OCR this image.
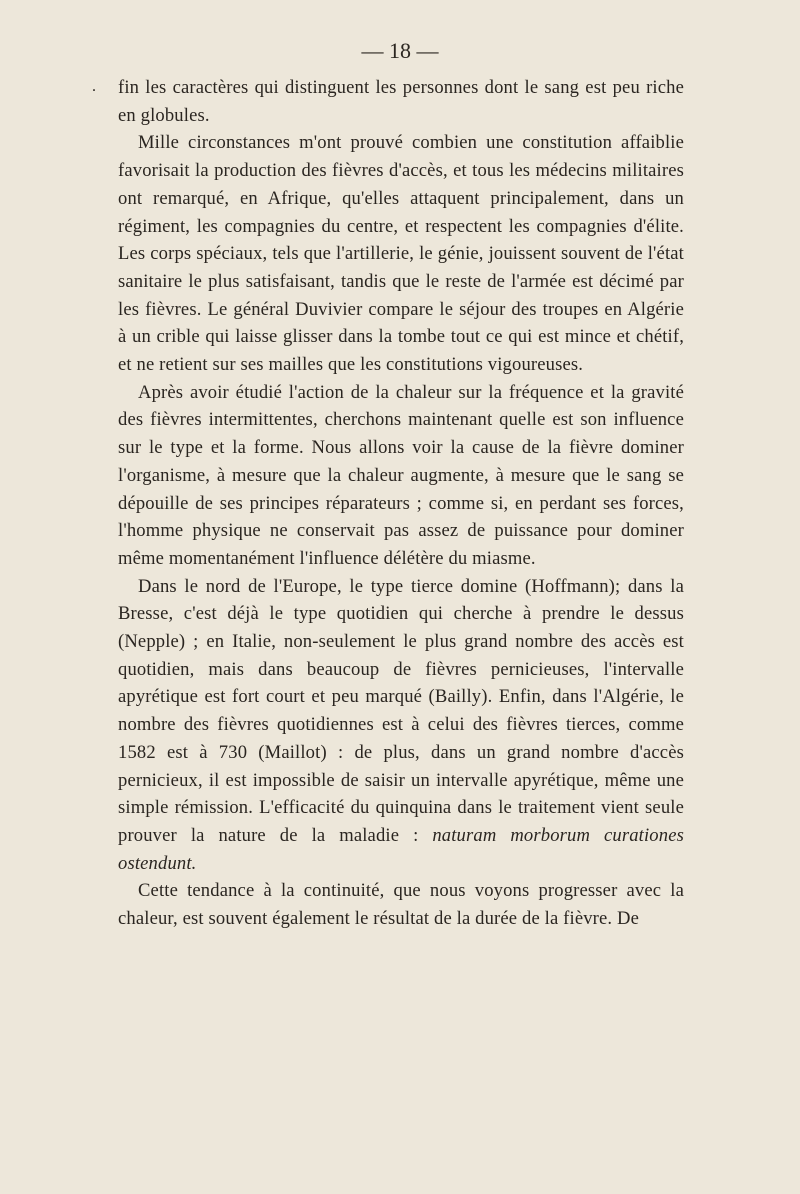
— 18 —
. fin les caractères qui distinguent les personnes dont le sang est peu riche en globules.

Mille circonstances m'ont prouvé combien une constitution affaiblie favorisait la production des fièvres d'accès, et tous les médecins militaires ont remarqué, en Afrique, qu'elles attaquent principalement, dans un régiment, les compagnies du centre, et respectent les compagnies d'élite. Les corps spéciaux, tels que l'artillerie, le génie, jouissent souvent de l'état sanitaire le plus satisfaisant, tandis que le reste de l'armée est décimé par les fièvres. Le général Duvivier compare le séjour des troupes en Algérie à un crible qui laisse glisser dans la tombe tout ce qui est mince et chétif, et ne retient sur ses mailles que les constitutions vigoureuses.

Après avoir étudié l'action de la chaleur sur la fréquence et la gravité des fièvres intermittentes, cherchons maintenant quelle est son influence sur le type et la forme. Nous allons voir la cause de la fièvre dominer l'organisme, à mesure que la chaleur augmente, à mesure que le sang se dépouille de ses principes réparateurs ; comme si, en perdant ses forces, l'homme physique ne conservait pas assez de puissance pour dominer même momentanément l'influence délétère du miasme.

Dans le nord de l'Europe, le type tierce domine (Hoffmann); dans la Bresse, c'est déjà le type quotidien qui cherche à prendre le dessus (Nepple) ; en Italie, non-seulement le plus grand nombre des accès est quotidien, mais dans beaucoup de fièvres pernicieuses, l'intervalle apyrétique est fort court et peu marqué (Bailly). Enfin, dans l'Algérie, le nombre des fièvres quotidiennes est à celui des fièvres tierces, comme 1582 est à 730 (Maillot) : de plus, dans un grand nombre d'accès pernicieux, il est impossible de saisir un intervalle apyrétique, même une simple rémission. L'efficacité du quinquina dans le traitement vient seule prouver la nature de la maladie : naturam morborum curationes ostendunt.

Cette tendance à la continuité, que nous voyons progresser avec la chaleur, est souvent également le résultat de la durée de la fièvre. De
